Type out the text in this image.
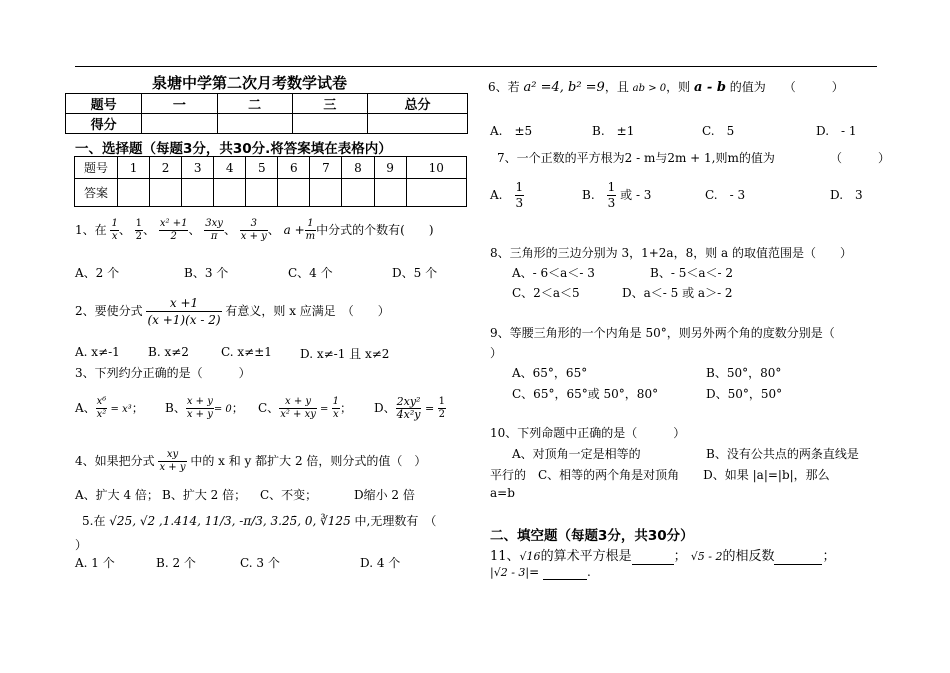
泉塘中学第二次月考数学试卷
题号	一	二	三	总分
得分				
一、选择题（每题3分，共30分.将答案填在表格内）
题号	1	2	3	4	5	6	7	8	9	10
答案										
1、在 $\frac{1}{x}$ 、 $\frac{1}{2}$ 、 $\frac{\text{x² +1}}{2}$ 、 $\frac{3xy}{\pi}$ 、 $\frac{3}{x + y}$ 、 $a + \frac{1}{m}$ 中分式的个数有(　　)
A、2 个	B、3 个	C、4 个	D、5 个
2、要使分式 $\frac{x +1}{(x +1)(x - 2)}$ 有意义，则 x 应满足　（　　）
A. x≠-1 B. x≠2	C. x≠±1 D. x≠-1 且 x≠2
3、下列约分正确的是（　　　）
A、 $\frac{\text{x⁶}}{\text{x²}} = x^3$； B、 $\frac{x + y}{x + y} = 0$； C、 $\frac{x + y}{\text{x² + xy}} = \frac{1}{x}$ ； D、 $\frac{\text{2xy²}}{\text{4x²y}} = \frac{1}{2}$
4、如果把分式 $\frac{xy}{x + y}$ 中的 x 和 y 都扩大 2 倍，则分式的值（　）
A、扩大 4 倍； B、扩大 2 倍； C、不变；	D缩小 2 倍
5.在 √25, √2 ,1.414, 11/3, -π/3, 3.2̇5̇, 0, ∛125 中,无理数有　（
）
A. 1 个	B. 2 个	C. 3 个	D. 4 个
6、若 a² =4, b² =9，且 ab > 0，则 a - b 的值为　　（　　　）
A.　±5	B.　±1	C.　5	D.　- 1
7、一个正数的平方根为2 - m与2m + 1,则m的值为	（　　　）
A.　 $\frac{1}{3}$	B.　 $\frac{1}{3}$ 或 - 3	C.　- 3	D.　3
8、三角形的三边分别为 3，1+2a，8，则 a 的取值范围是（　　）
A、- 6＜a＜- 3	B、- 5＜a＜- 2
C、2＜a＜5	D、a＜- 5 或 a＞- 2
9、等腰三角形的一个内角是 50°，则另外两个角的度数分别是（
）
A、65°，65°	B、50°，80°
C、65°，65°或 50°，80°	D、50°，50°
10、下列命题中正确的是（　　　）
A、对顶角一定是相等的	B、没有公共点的两条直线是
平行的　C、相等的两个角是对顶角　　D、如果 |a|=|b|，那么
a=b
二、填空题（每题3分，共30分）
11、√16的算术平方根是	； √5 - 2的相反数	；
|√2 - 3|=	.
